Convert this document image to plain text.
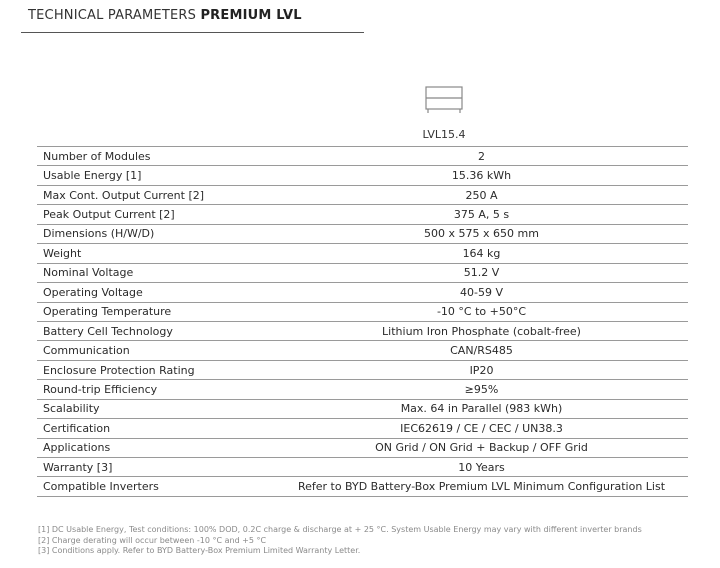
TECHNICAL PARAMETERS PREMIUM LVL
LVL15.4
Number of Modules	2
Usable Energy [1]	15.36 kWh
Max Cont. Output Current [2]	250 A
Peak Output Current [2]	375 A, 5 s
Dimensions (H/W/D)	500 x 575 x 650 mm
Weight	164 kg
Nominal Voltage	51.2 V
Operating Voltage	40-59 V
Operating Temperature	-10 °C to +50°C
Battery Cell Technology	Lithium Iron Phosphate (cobalt-free)
Communication	CAN/RS485
Enclosure Protection Rating	IP20
Round-trip Efficiency	≥95%
Scalability	Max. 64 in Parallel (983 kWh)
Certification	IEC62619 / CE / CEC / UN38.3
Applications	ON Grid / ON Grid + Backup / OFF Grid
Warranty [3]	10 Years
Compatible Inverters	Refer to BYD Battery-Box Premium LVL Minimum Configuration List
[1] DC Usable Energy, Test conditions: 100% DOD, 0.2C charge & discharge at + 25 °C. System Usable Energy may vary with different inverter brands
[2] Charge derating will occur between -10 °C and +5 °C
[3] Conditions apply. Refer to BYD Battery-Box Premium Limited Warranty Letter.
